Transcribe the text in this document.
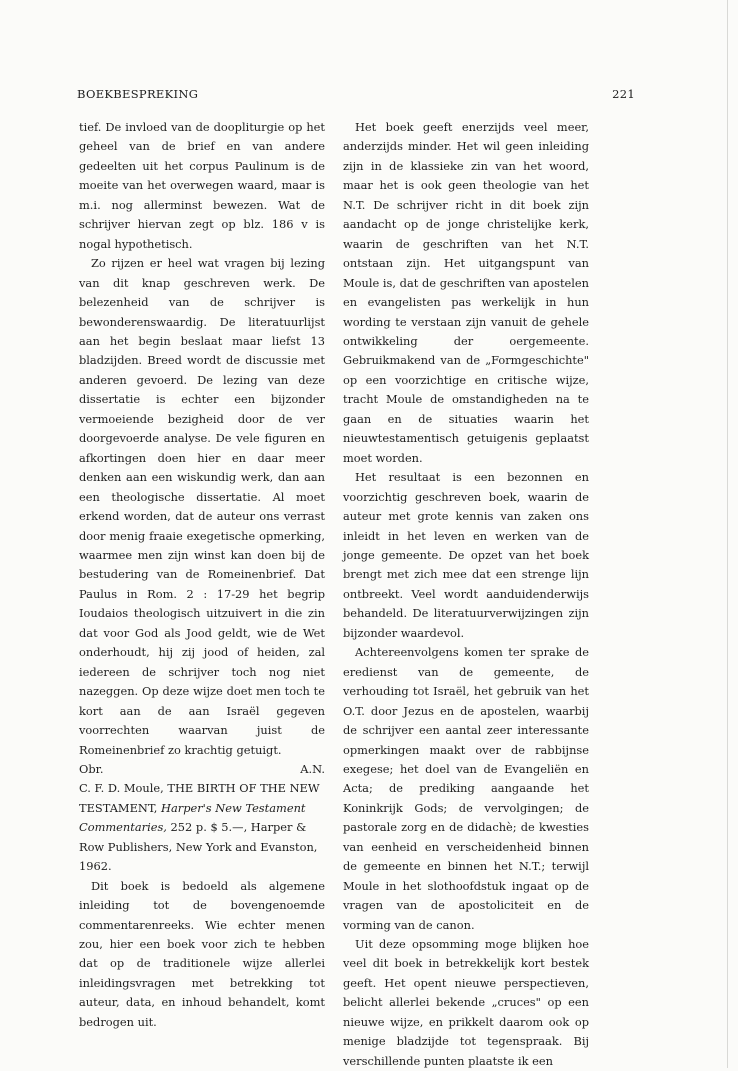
BOEKBESPREKING	221

tief. De invloed van de doopliturgie op het geheel van de brief en van andere gedeelten uit het corpus Paulinum is de moeite van het overwegen waard, maar is m.i. nog allerminst bewezen. Wat de schrijver hiervan zegt op blz. 186 v is nogal hypothetisch.

Zo rijzen er heel wat vragen bij lezing van dit knap geschreven werk. De belezenheid van de schrijver is bewonderenswaardig. De literatuurlijst aan het begin beslaat maar liefst 13 bladzijden. Breed wordt de discussie met anderen gevoerd. De lezing van deze dissertatie is echter een bijzonder vermoeiende bezigheid door de ver doorgevoerde analyse. De vele figuren en afkortingen doen hier en daar meer denken aan een wiskundig werk, dan aan een theologische dissertatie. Al moet erkend worden, dat de auteur ons verrast door menig fraaie exegetische opmerking, waarmee men zijn winst kan doen bij de bestudering van de Romeinenbrief. Dat Paulus in Rom. 2 : 17-29 het begrip Ioudaios theologisch uitzuivert in die zin dat voor God als Jood geldt, wie de Wet onderhoudt, hij zij jood of heiden, zal iedereen de schrijver toch nog niet nazeggen. Op deze wijze doet men toch te kort aan de aan Israël gegeven voorrechten waarvan juist de Romeinenbrief zo krachtig getuigt.

Obr.	A.N.

C. F. D. Moule, THE BIRTH OF THE NEW TESTAMENT, Harper's New Testament Commentaries, 252 p. $ 5.—, Harper & Row Publishers, New York and Evanston, 1962.

Dit boek is bedoeld als algemene inleiding tot de bovengenoemde commentarenreeks. Wie echter menen zou, hier een boek voor zich te hebben dat op de traditionele wijze allerlei inleidingsvragen met betrekking tot auteur, data, en inhoud behandelt, komt bedrogen uit.

Het boek geeft enerzijds veel meer, anderzijds minder. Het wil geen inleiding zijn in de klassieke zin van het woord, maar het is ook geen theologie van het N.T. De schrijver richt in dit boek zijn aandacht op de jonge christelijke kerk, waarin de geschriften van het N.T. ontstaan zijn. Het uitgangspunt van Moule is, dat de geschriften van apostelen en evangelisten pas werkelijk in hun wording te verstaan zijn vanuit de gehele ontwikkeling der oergemeente. Gebruikmakend van de „Formgeschichte" op een voorzichtige en critische wijze, tracht Moule de omstandigheden na te gaan en de situaties waarin het nieuwtestamentisch getuigenis geplaatst moet worden.

Het resultaat is een bezonnen en voorzichtig geschreven boek, waarin de auteur met grote kennis van zaken ons inleidt in het leven en werken van de jonge gemeente. De opzet van het boek brengt met zich mee dat een strenge lijn ontbreekt. Veel wordt aanduidenderwijs behandeld. De literatuurverwijzingen zijn bijzonder waardevol.

Achtereenvolgens komen ter sprake de eredienst van de gemeente, de verhouding tot Israël, het gebruik van het O.T. door Jezus en de apostelen, waarbij de schrijver een aantal zeer interessante opmerkingen maakt over de rabbijnse exegese; het doel van de Evangeliën en Acta; de prediking aangaande het Koninkrijk Gods; de vervolgingen; de pastorale zorg en de didachè; de kwesties van eenheid en verscheidenheid binnen de gemeente en binnen het N.T.; terwijl Moule in het slothoofdstuk ingaat op de vragen van de apostoliciteit en de vorming van de canon.

Uit deze opsomming moge blijken hoe veel dit boek in betrekkelijk kort bestek geeft. Het opent nieuwe perspectieven, belicht allerlei bekende „cruces" op een nieuwe wijze, en prikkelt daarom ook op menige bladzijde tot tegenspraak. Bij verschillende punten plaatste ik een
